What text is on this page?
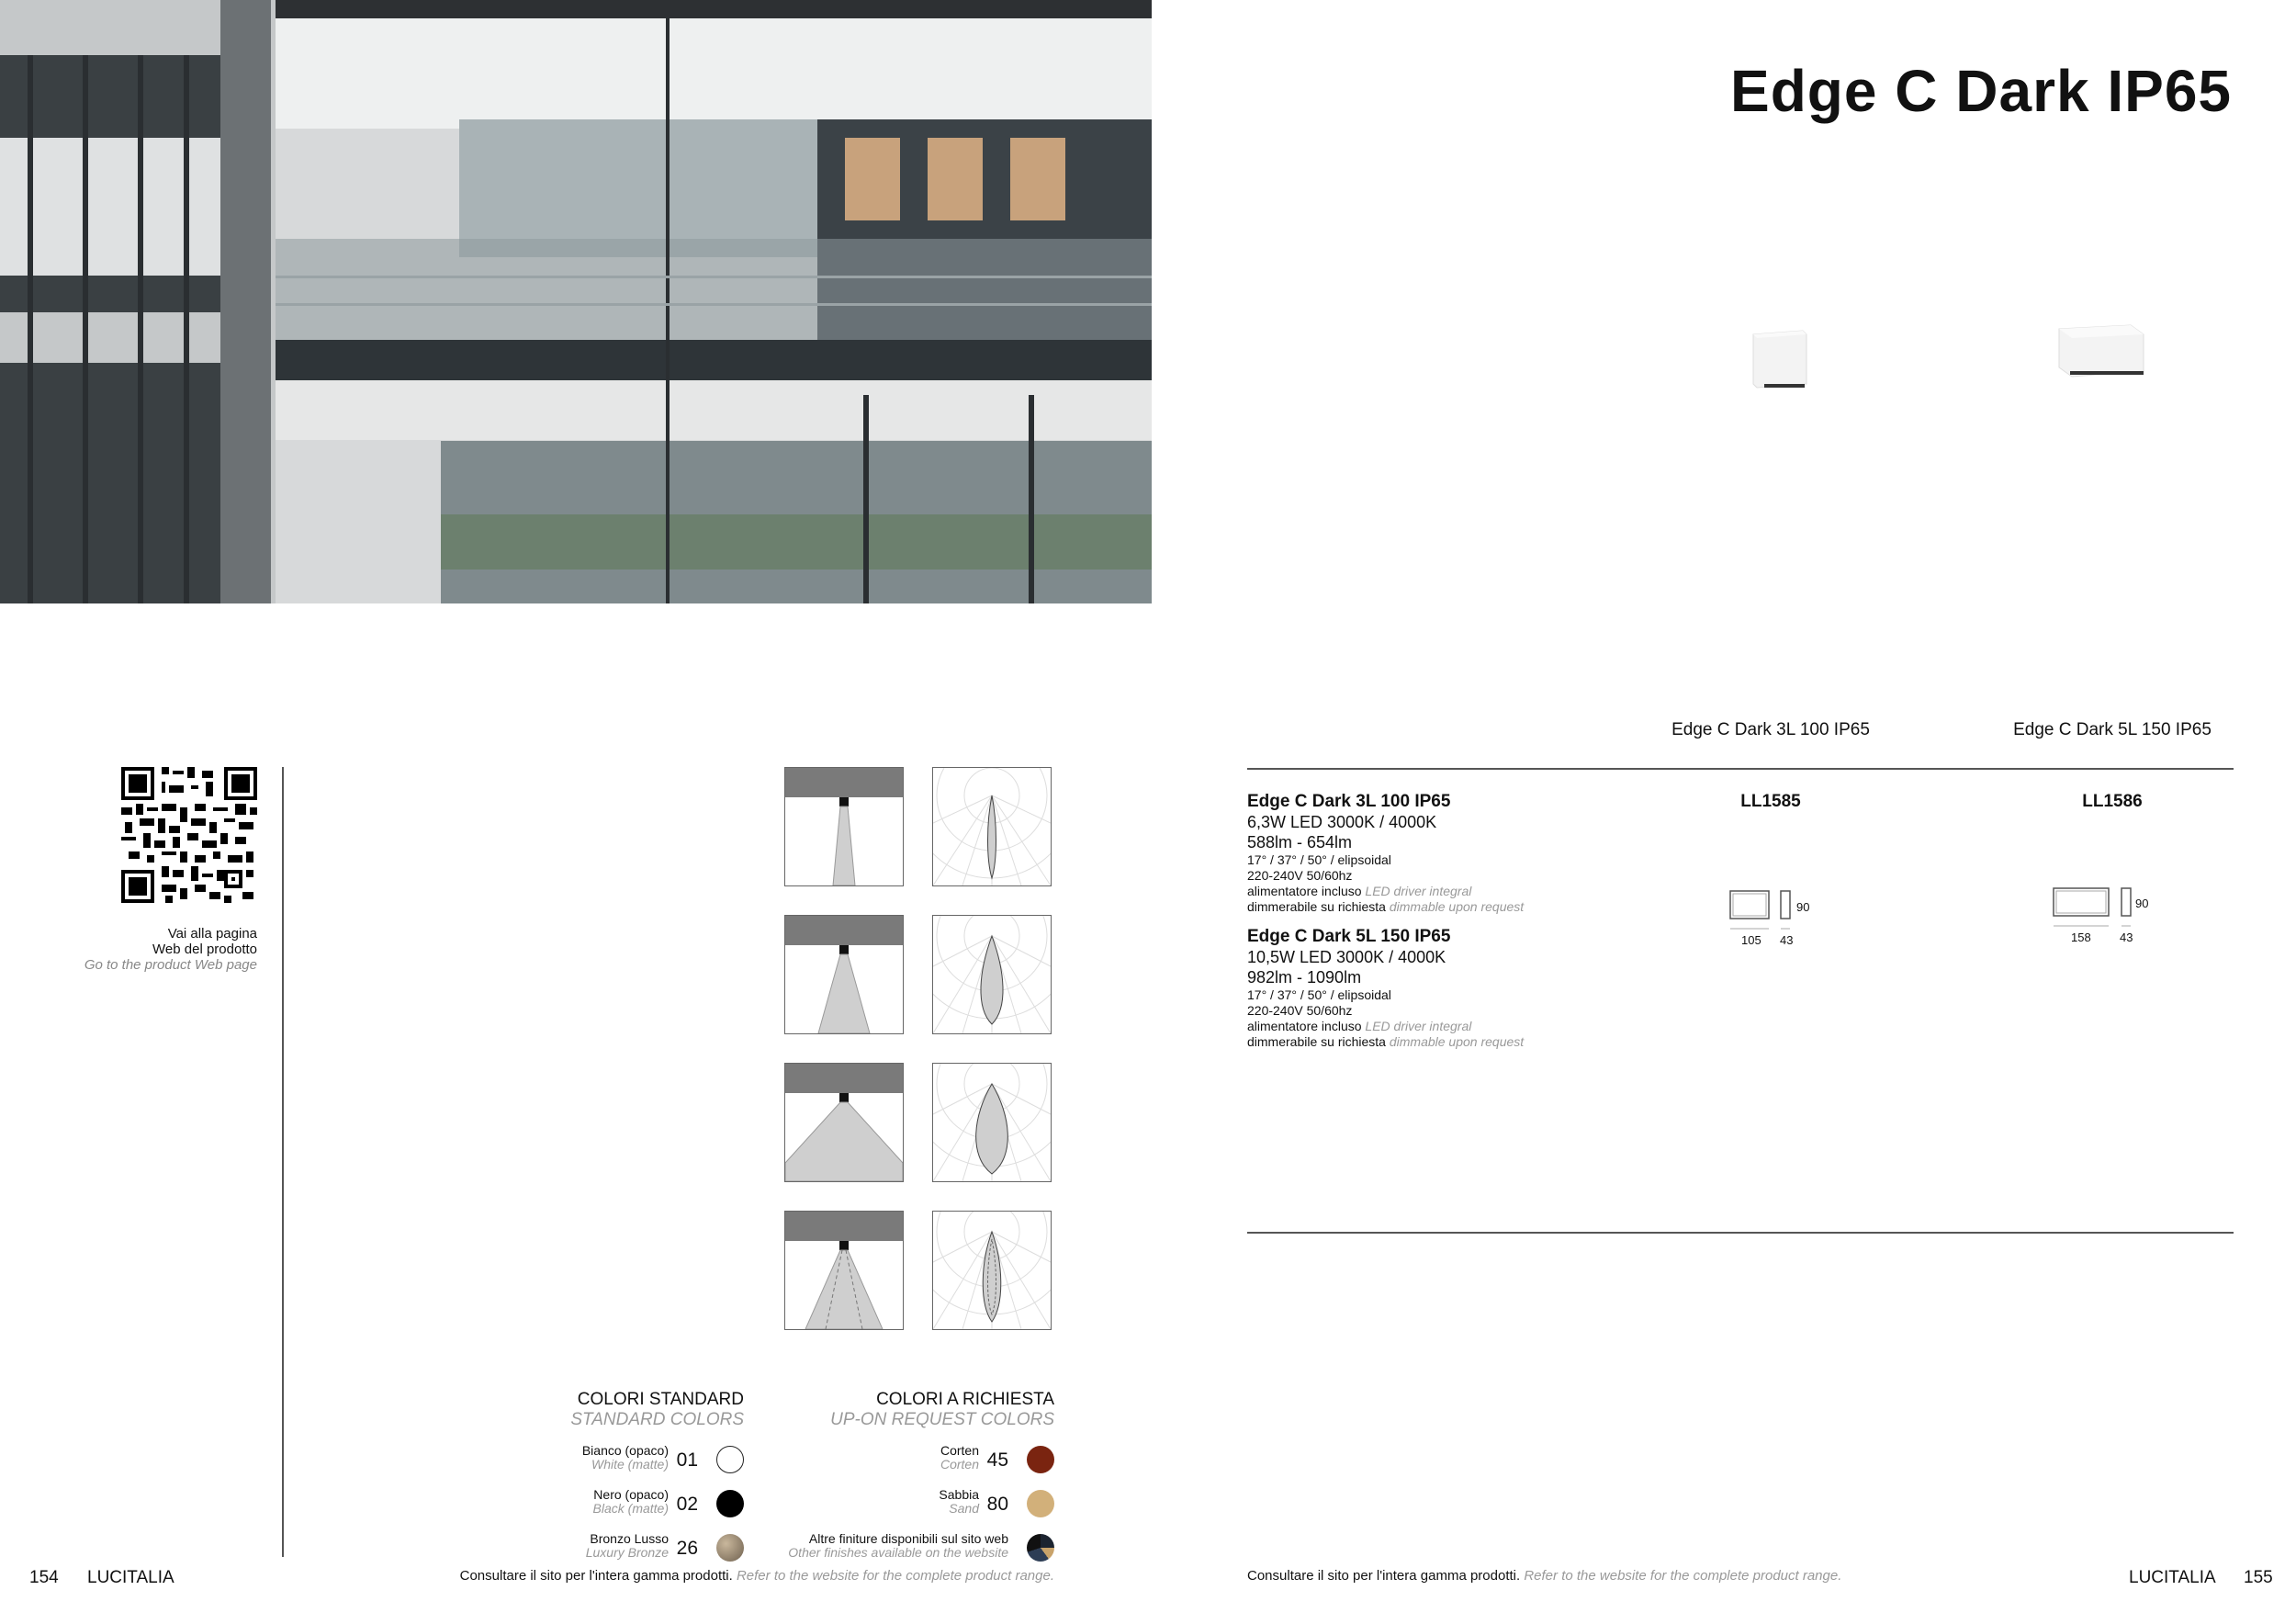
Vai alla pagina
Web del prodotto
Go to the product Web page
COLORI STANDARD
STANDARD COLORS
Bianco (opaco)
White (matte) 01
Nero (opaco)
Black (matte) 02
Bronzo Lusso
Luxury Bronze 26
COLORI A RICHIESTA
UP-ON REQUEST COLORS
Corten
Corten 45
Sabbia
Sand 80
Altre finiture disponibili sul sito web
Other finishes available on the website
154 LUCITALIA	Consultare il sito per l'intera gamma prodotti. Refer to the website for the complete product range.
Edge C Dark IP65
Edge C Dark 3L 100 IP65	Edge C Dark 5L 150 IP65
LL1585	LL1586
Edge C Dark 3L 100 IP65
6,3W LED 3000K / 4000K
588lm - 654lm
17° / 37° / 50° / elipsoidal
220-240V 50/60hz
alimentatore incluso LED driver integral
dimmerabile su richiesta dimmable upon request
Edge C Dark 5L 150 IP65
10,5W LED 3000K / 4000K
982lm - 1090lm
17° / 37° / 50° / elipsoidal
220-240V 50/60hz
alimentatore incluso LED driver integral
dimmerabile su richiesta dimmable upon request
105 43
90
158 43
90
Consultare il sito per l'intera gamma prodotti. Refer to the website for the complete product range.	LUCITALIA 155
